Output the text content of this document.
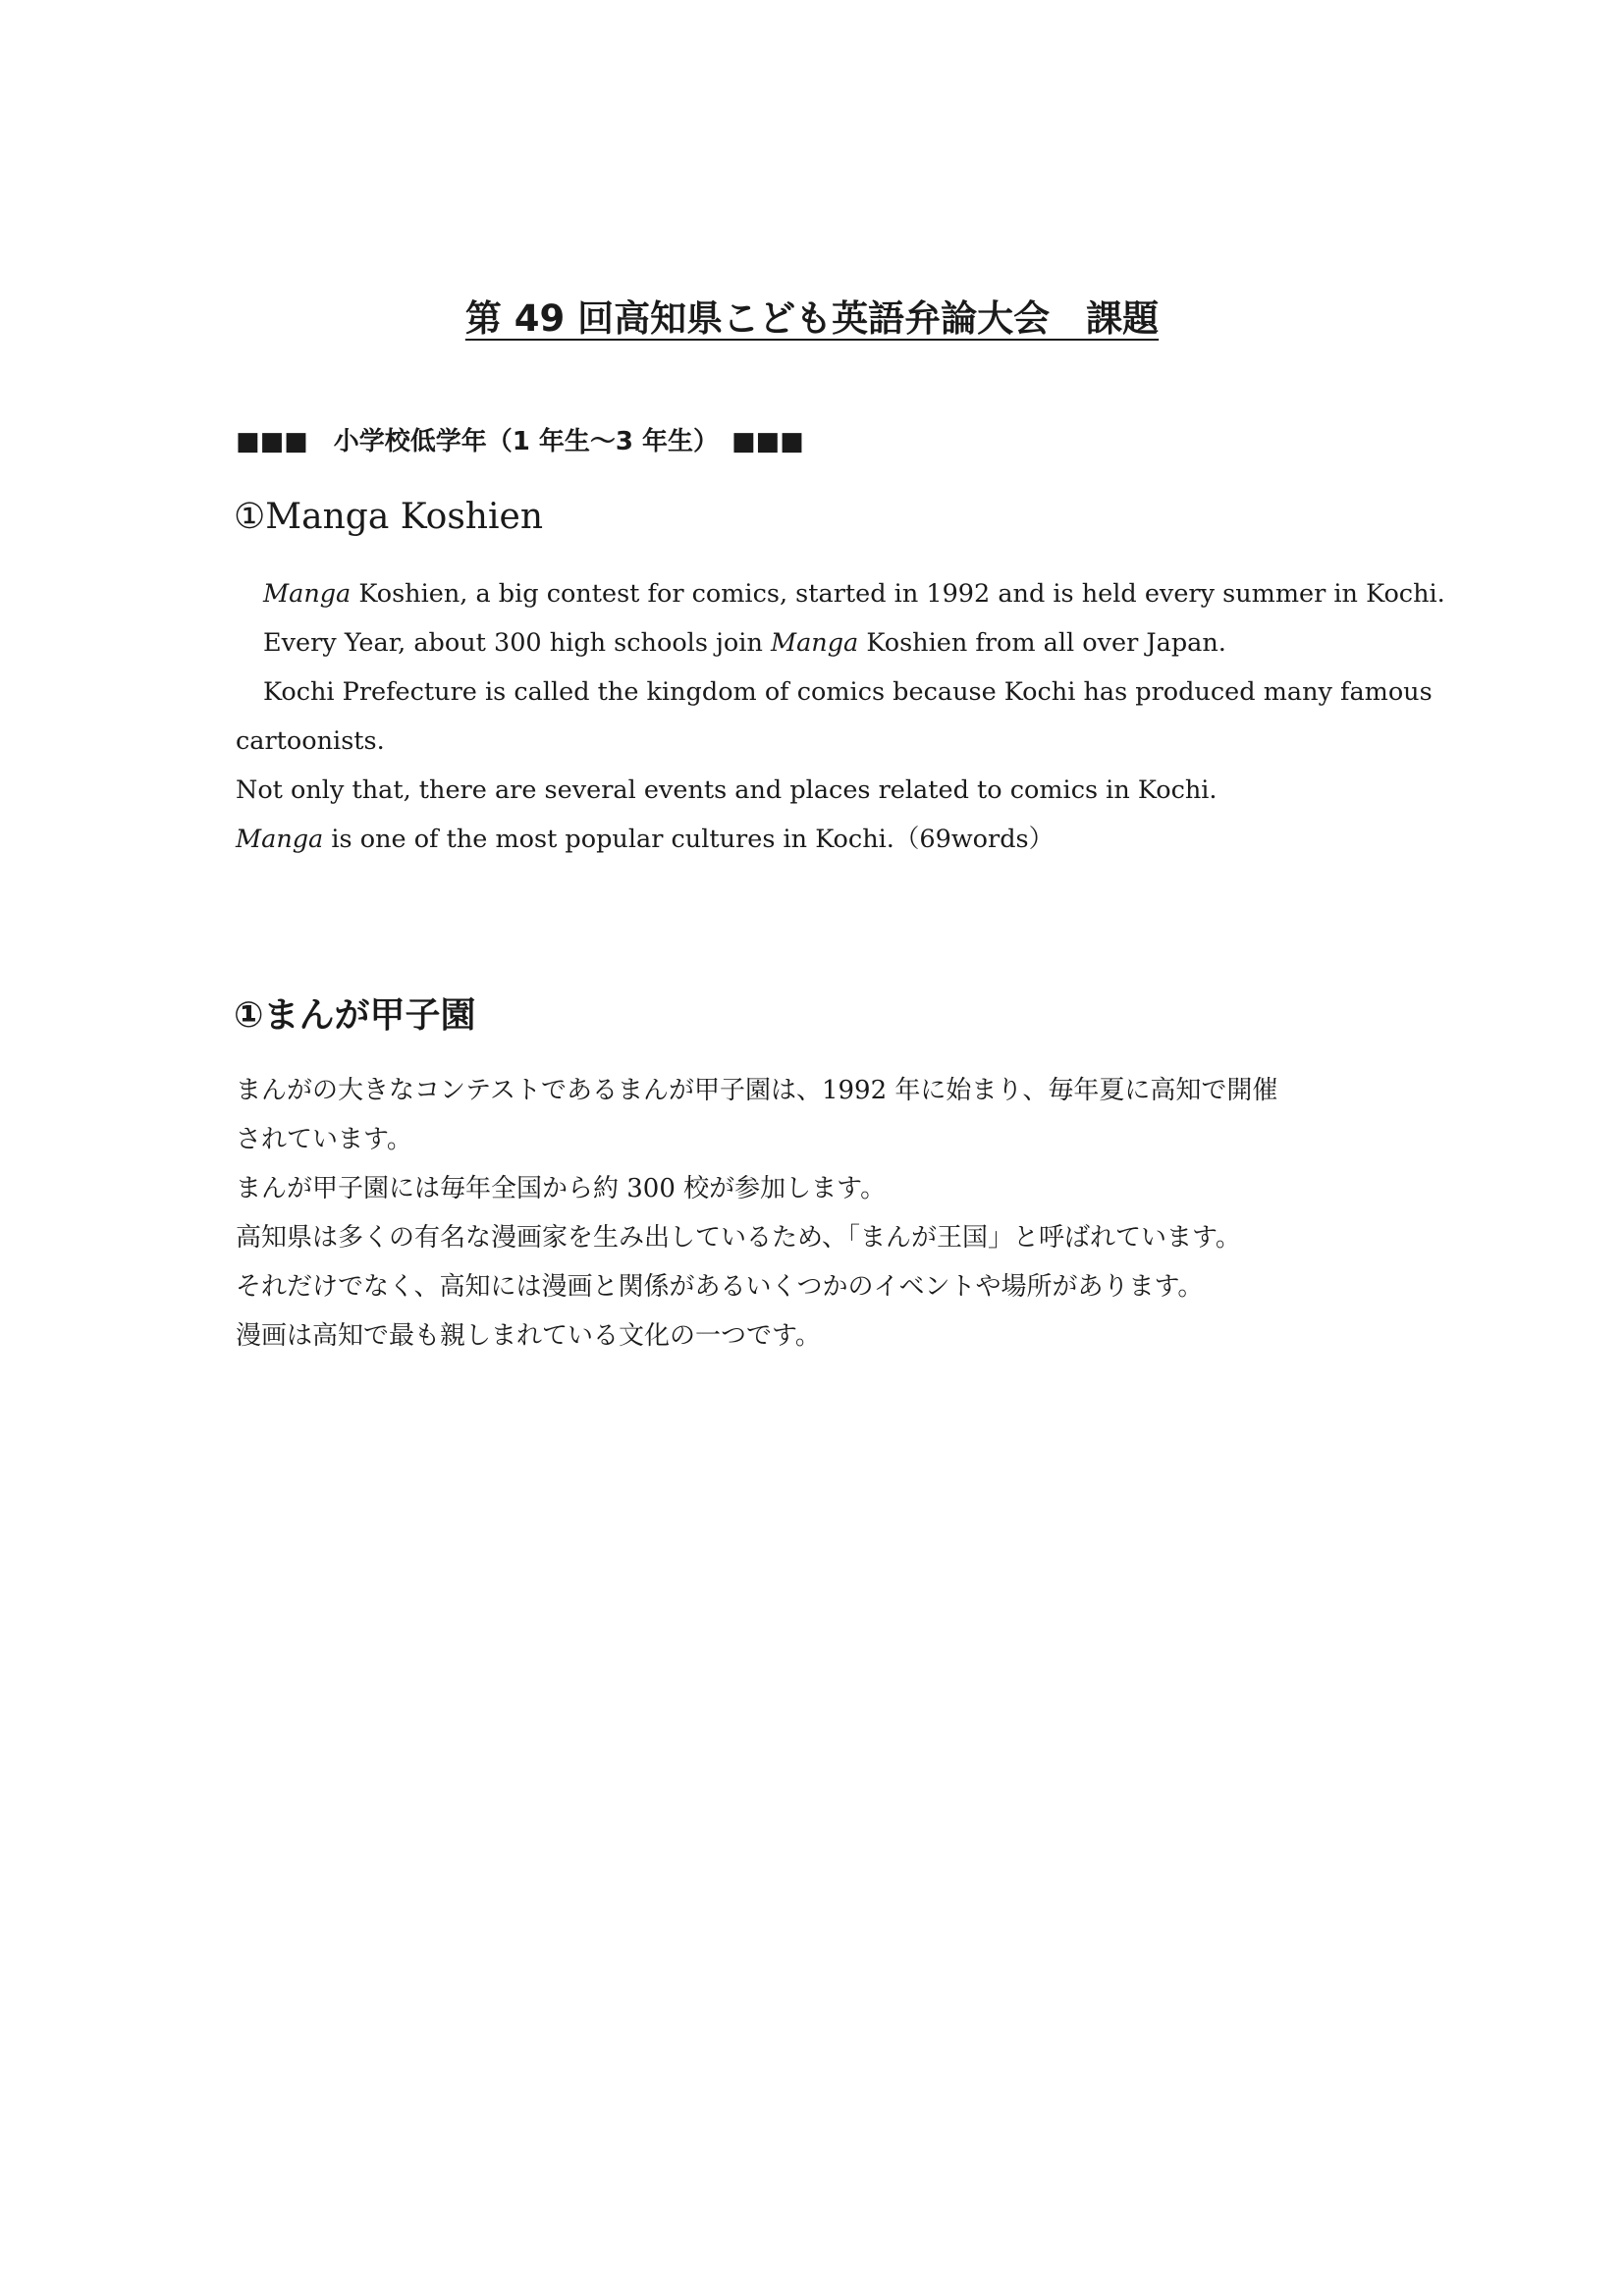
第 49 回高知県こども英語弁論大会　課題
■■■　小学校低学年（1 年生～3 年生）　■■■
①Manga Koshien

Manga Koshien, a big contest for comics, started in 1992 and is held every summer in Kochi.

Every Year, about 300 high schools join Manga Koshien from all over Japan.

Kochi Prefecture is called the kingdom of comics because Kochi has produced many famous

cartoonists.

Not only that, there are several events and places related to comics in Kochi.

Manga is one of the most popular cultures in Kochi.（69words）

①まんが甲子園

まんがの大きなコンテストであるまんが甲子園は、1992 年に始まり、毎年夏に高知で開催

されています。

まんが甲子園には毎年全国から約 300 校が参加します。

高知県は多くの有名な漫画家を生み出しているため、「まんが王国」と呼ばれています。

それだけでなく、高知には漫画と関係があるいくつかのイベントや場所があります。

漫画は高知で最も親しまれている文化の一つです。
